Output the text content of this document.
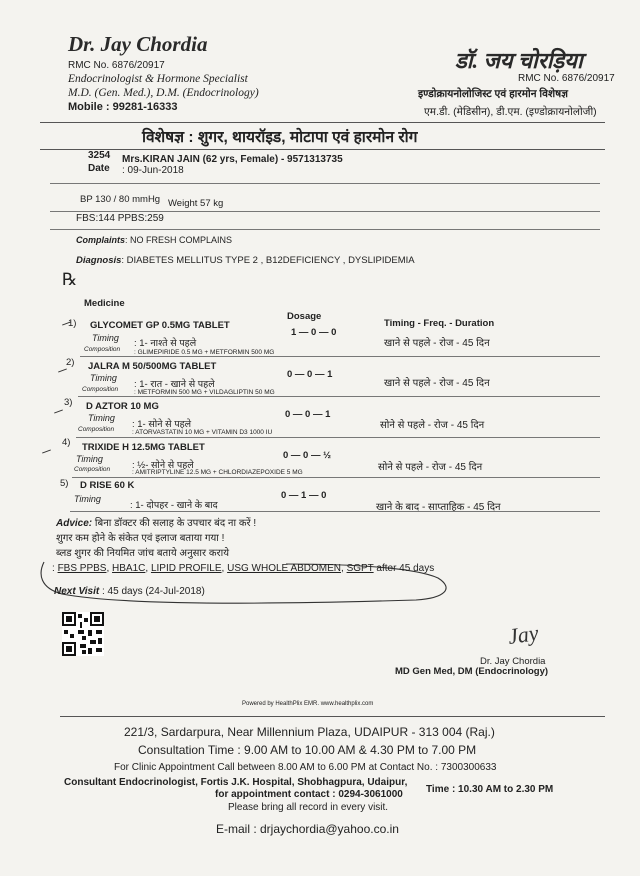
Dr. Jay Chordia
RMC No. 6876/20917
Endocrinologist & Hormone Specialist
M.D. (Gen. Med.), D.M. (Endocrinology)
Mobile : 99281-16333
डॉ. जय चोरड़िया
RMC No. 6876/20917
इण्डोक्रायनोलोजिस्ट एवं हारमोन विशेषज्ञ
एम.डी. (मेडिसीन), डी.एम. (इण्डोक्रायनोलोजी)
विशेषज्ञ : शुगर, थायरॉइड, मोटापा एवं हारमोन रोग
3254 Mrs.KIRAN JAIN (62 yrs, Female) - 9571313735
Date : 09-Jun-2018
BP 130 / 80 mmHg Weight 57 kg
FBS:144 PPBS:259
Complaints: NO FRESH COMPLAINS
Diagnosis: DIABETES MELLITUS TYPE 2 , B12DEFICIENCY , DYSLIPIDEMIA
℞
Medicine
Dosage
Timing - Freq. - Duration
1) GLYCOMET GP 0.5MG TABLET
Timing : 1- नाश्ते से पहले
Composition : GLIMEPIRIDE 0.5 MG + METFORMIN 500 MG
1 — 0 — 0
खाने से पहले - रोज - 45 दिन
2) JALRA M 50/500MG TABLET
Timing
: 1- रात - खाने से पहले
Composition : METFORMIN 500 MG + VILDAGLIPTIN 50 MG
0 — 0 — 1
खाने से पहले - रोज - 45 दिन
3) D AZTOR 10 MG
Timing
: 1- सोने से पहले
Composition	: ATORVASTATIN 10 MG + VITAMIN D3 1000 IU
0 — 0 — 1
सोने से पहले - रोज - 45 दिन
4) TRIXIDE H 12.5MG TABLET
Timing
: ½- सोने से पहले
Composition	: AMITRIPTYLINE 12.5 MG + CHLORDIAZEPOXIDE 5 MG
0 — 0 — ½
सोने से पहले - रोज - 45 दिन
5) D RISE 60 K
Timing
: 1- दोपहर - खाने के बाद
0 — 1 — 0
खाने के बाद - साप्ताहिक - 45 दिन
Advice: बिना डॉक्टर की सलाह के उपचार बंद ना करें !
शुगर कम होने के संकेत एवं इलाज बताया गया !
ब्लड शुगर की नियमित जांच बताये अनुसार कराये
: FBS PPBS, HBA1C, LIPID PROFILE, USG WHOLE ABDOMEN, SGPT after 45 days
Next Visit : 45 days (24-Jul-2018)
Jay
Dr. Jay Chordia
MD Gen Med, DM (Endocrinology)
Powered by HealthPlix EMR. www.healthplix.com
221/3, Sardarpura, Near Millennium Plaza, UDAIPUR - 313 004 (Raj.)
Consultation Time : 9.00 AM to 10.00 AM & 4.30 PM to 7.00 PM
For Clinic Appointment Call between 8.00 AM to 6.00 PM at Contact No. : 7300300633
Consultant Endocrinologist, Fortis J.K. Hospital, Shobhagpura, Udaipur,
Time : 10.30 AM to 2.30 PM
for appointment contact : 0294-3061000
Please bring all record in every visit.
E-mail : drjaychordia@yahoo.co.in
